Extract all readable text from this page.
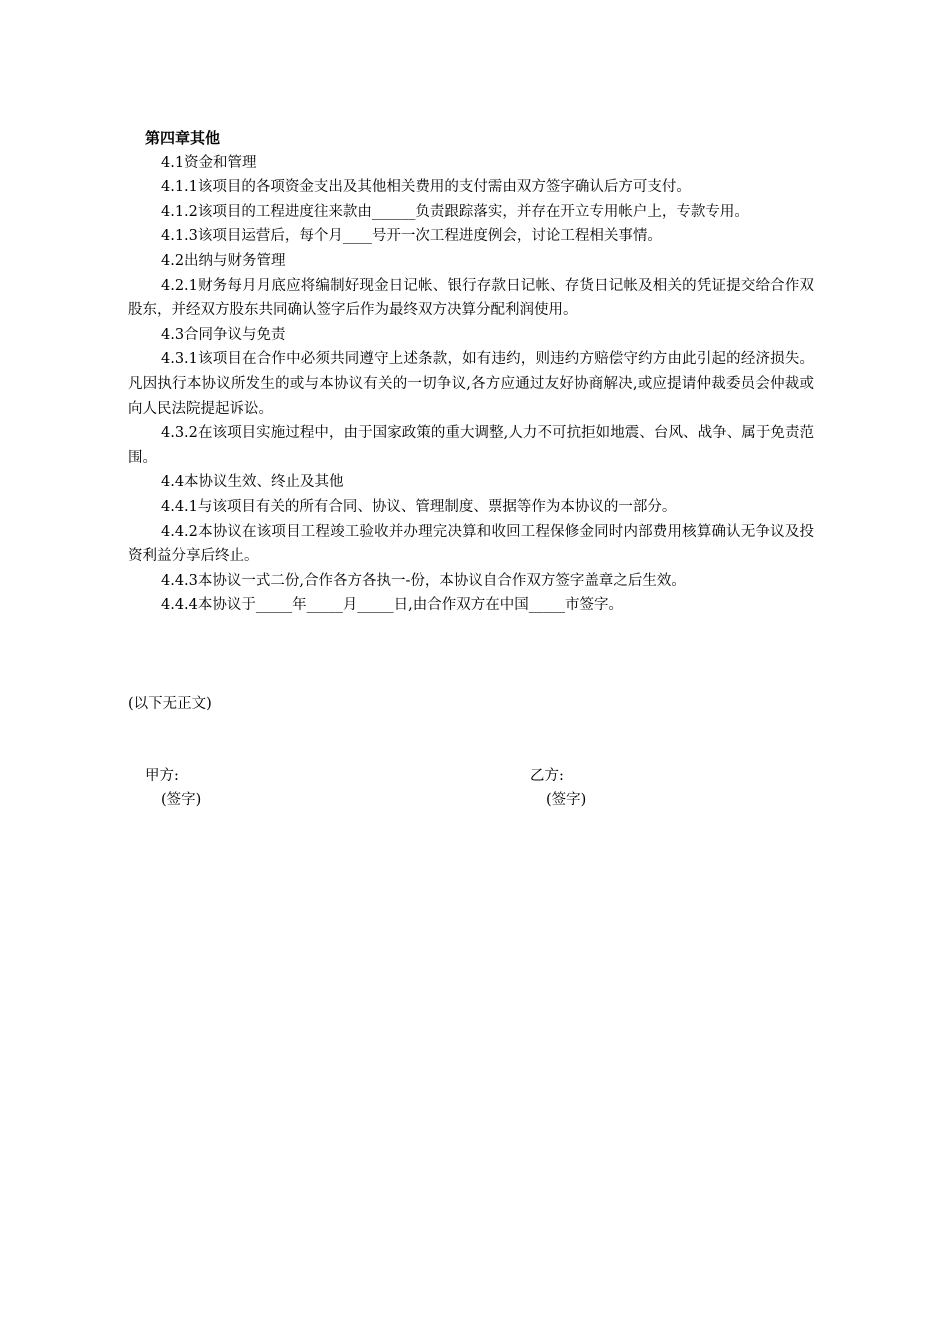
第四章其他

4.1资金和管理

4.1.1该项目的各项资金支出及其他相关费用的支付需由双方签字确认后方可支付。

4.1.2该项目的工程进度往来款由______负责跟踪落实，并存在开立专用帐户上，专款专用。

4.1.3该项目运营后，每个月____号开一次工程进度例会，讨论工程相关事情。

4.2出纳与财务管理

4.2.1财务每月月底应将编制好现金日记帐、银行存款日记帐、存货日记帐及相关的凭证提交给合作双股东，并经双方股东共同确认签字后作为最终双方决算分配利润使用。

4.3合同争议与免责

4.3.1该项目在合作中必须共同遵守上述条款，如有违约，则违约方赔偿守约方由此引起的经济损失。凡因执行本协议所发生的或与本协议有关的一切争议,各方应通过友好协商解决,或应提请仲裁委员会仲裁或向人民法院提起诉讼。

4.3.2在该项目实施过程中，由于国家政策的重大调整,人力不可抗拒如地震、台风、战争、属于免责范围。

4.4本协议生效、终止及其他

4.4.1与该项目有关的所有合同、协议、管理制度、票据等作为本协议的一部分。

4.4.2本协议在该项目工程竣工验收并办理完决算和收回工程保修金同时内部费用核算确认无争议及投资利益分享后终止。

4.4.3本协议一式二份,合作各方各执一-份，本协议自合作双方签字盖章之后生效。

4.4.4本协议于_____年_____月_____日,由合作双方在中国_____市签字。

(以下无正文)

甲方:
(签字)
乙方:
(签字)
